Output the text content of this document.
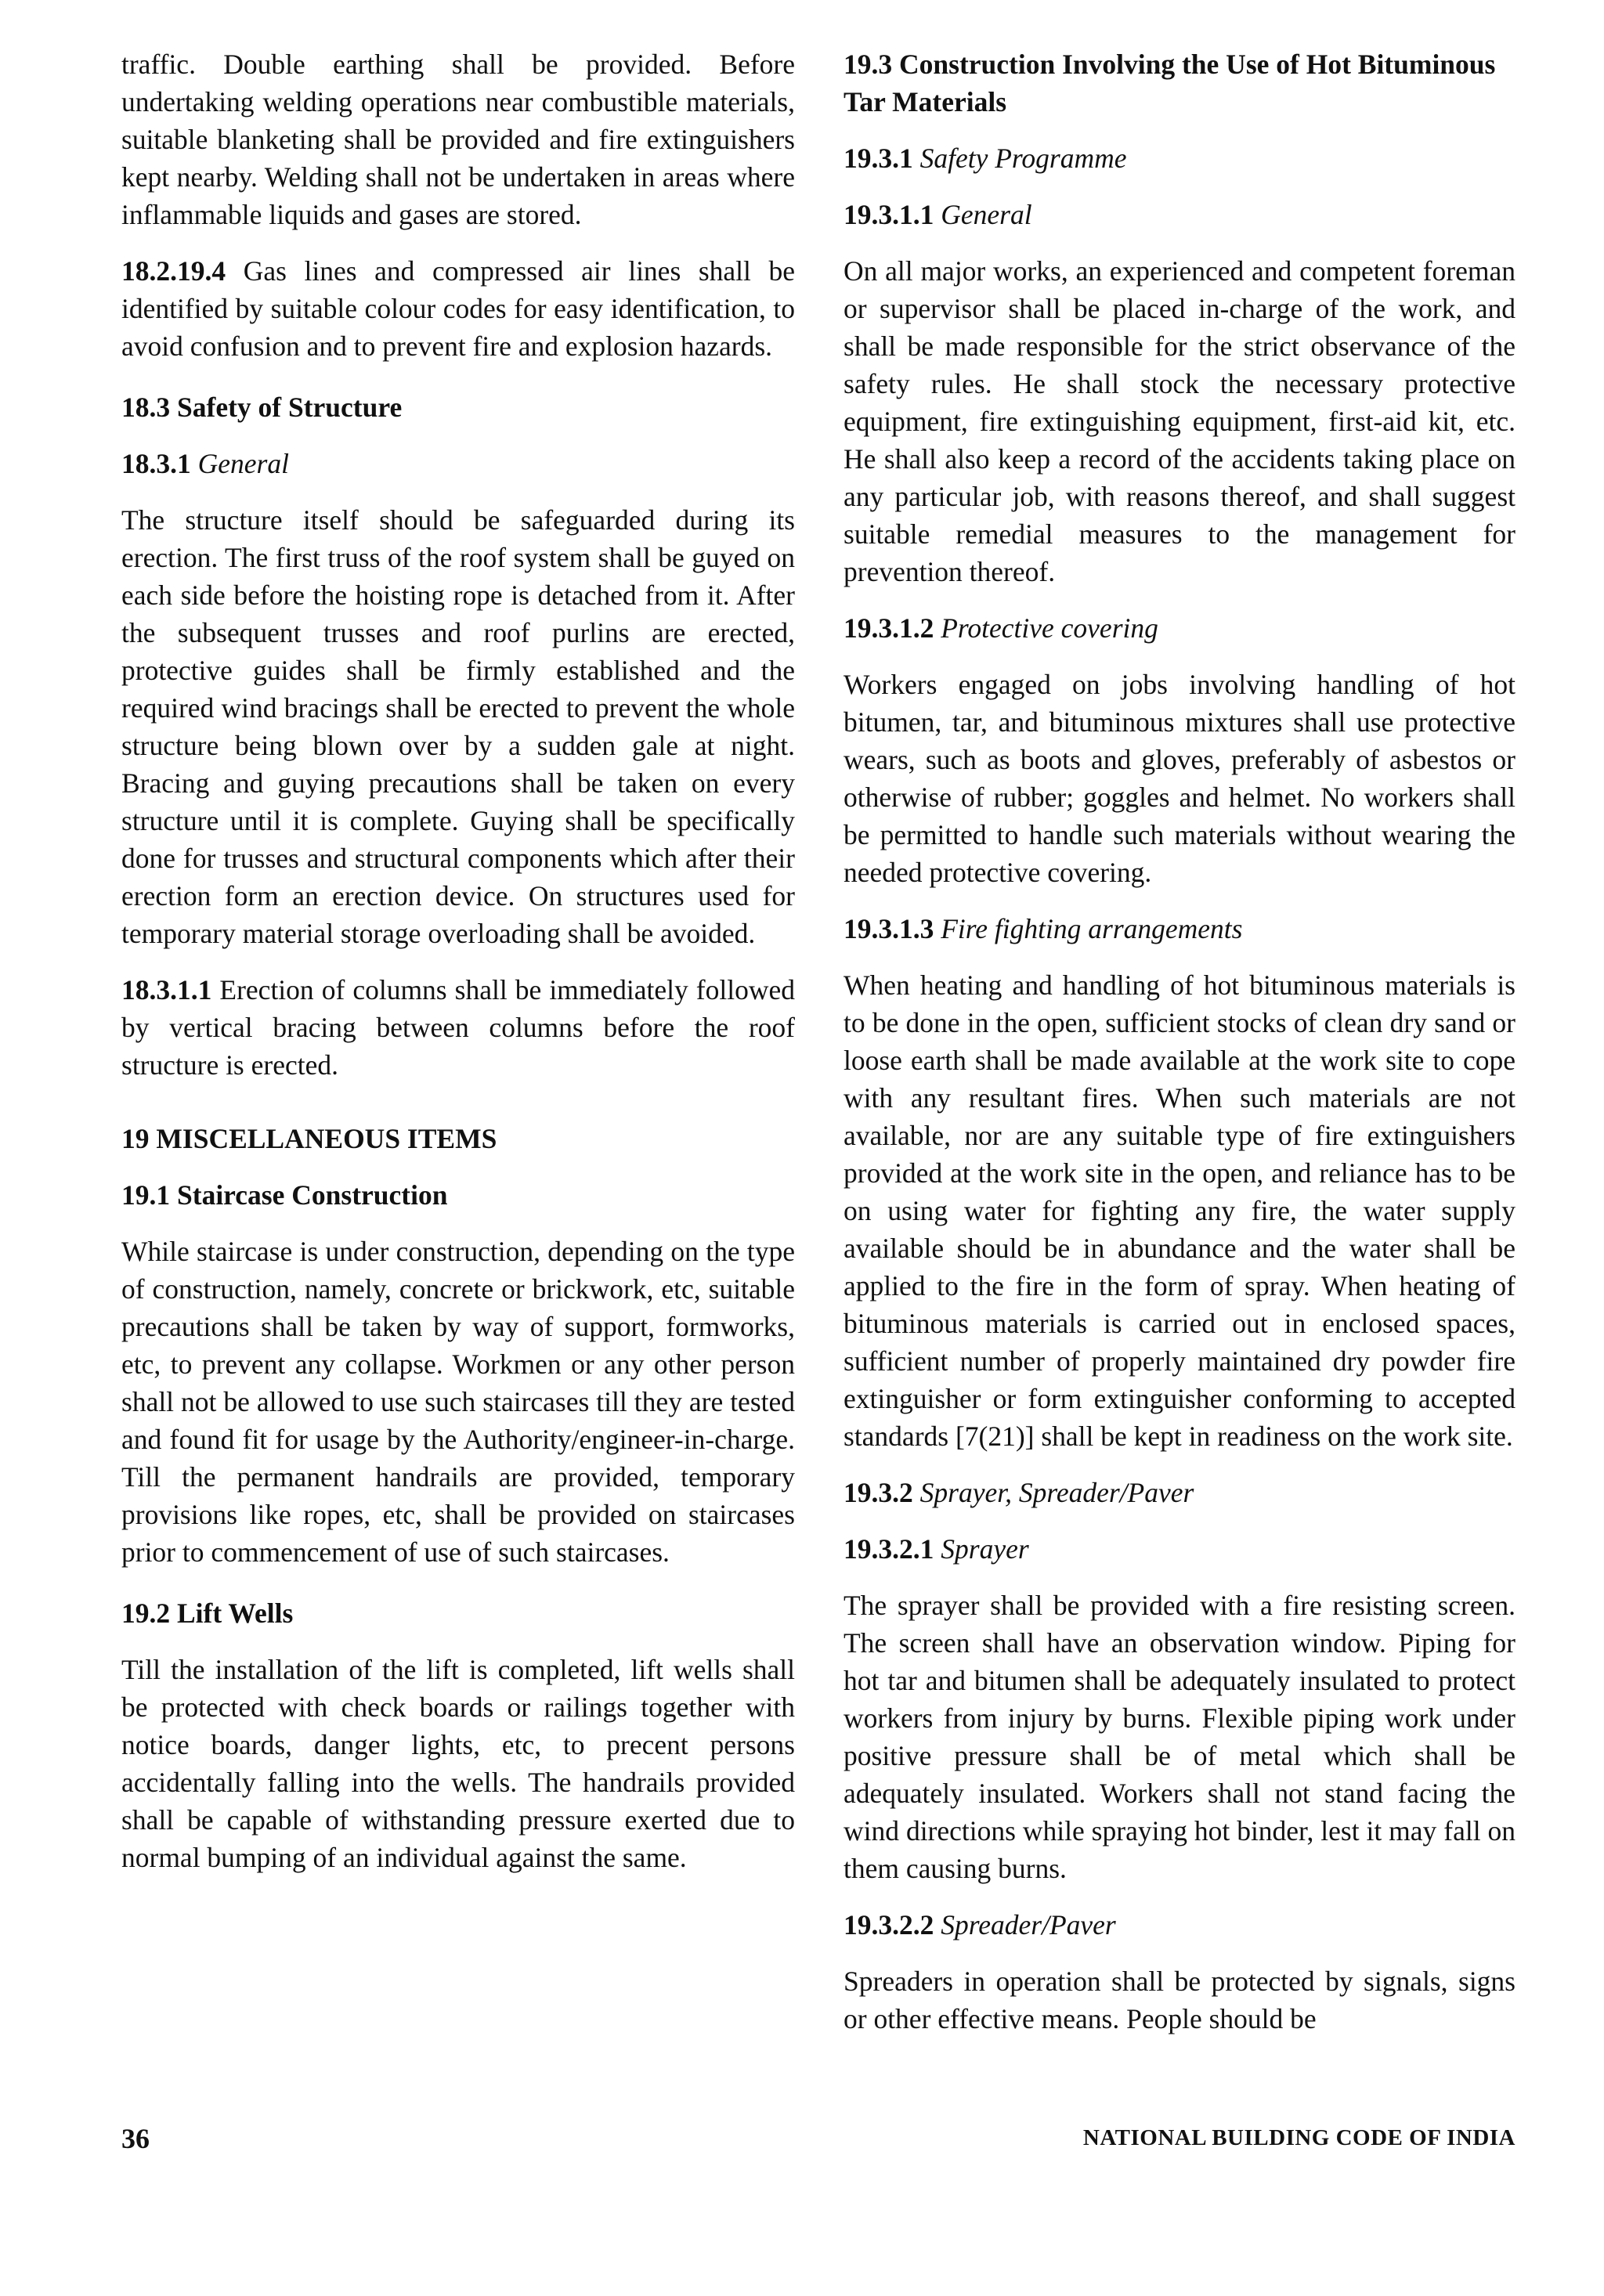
traffic. Double earthing shall be provided. Before undertaking welding operations near combustible materials, suitable blanketing shall be provided and fire extinguishers kept nearby. Welding shall not be undertaken in areas where inflammable liquids and gases are stored.

18.2.19.4 Gas lines and compressed air lines shall be identified by suitable colour codes for easy identification, to avoid confusion and to prevent fire and explosion hazards.

18.3 Safety of Structure

18.3.1 General

The structure itself should be safeguarded during its erection. The first truss of the roof system shall be guyed on each side before the hoisting rope is detached from it. After the subsequent trusses and roof purlins are erected, protective guides shall be firmly established and the required wind bracings shall be erected to prevent the whole structure being blown over by a sudden gale at night. Bracing and guying precautions shall be taken on every structure until it is complete. Guying shall be specifically done for trusses and structural components which after their erection form an erection device. On structures used for temporary material storage overloading shall be avoided.

18.3.1.1 Erection of columns shall be immediately followed by vertical bracing between columns before the roof structure is erected.

19 MISCELLANEOUS ITEMS

19.1 Staircase Construction

While staircase is under construction, depending on the type of construction, namely, concrete or brickwork, etc, suitable precautions shall be taken by way of support, formworks, etc, to prevent any collapse. Workmen or any other person shall not be allowed to use such staircases till they are tested and found fit for usage by the Authority/engineer-in-charge. Till the permanent handrails are provided, temporary provisions like ropes, etc, shall be provided on staircases prior to commencement of use of such staircases.

19.2 Lift Wells

Till the installation of the lift is completed, lift wells shall be protected with check boards or railings together with notice boards, danger lights, etc, to precent persons accidentally falling into the wells. The handrails provided shall be capable of withstanding pressure exerted due to normal bumping of an individual against the same.

19.3 Construction Involving the Use of Hot Bituminous Tar Materials

19.3.1 Safety Programme

19.3.1.1 General

On all major works, an experienced and competent foreman or supervisor shall be placed in-charge of the work, and shall be made responsible for the strict observance of the safety rules. He shall stock the necessary protective equipment, fire extinguishing equipment, first-aid kit, etc. He shall also keep a record of the accidents taking place on any particular job, with reasons thereof, and shall suggest suitable remedial measures to the management for prevention thereof.

19.3.1.2 Protective covering

Workers engaged on jobs involving handling of hot bitumen, tar, and bituminous mixtures shall use protective wears, such as boots and gloves, preferably of asbestos or otherwise of rubber; goggles and helmet. No workers shall be permitted to handle such materials without wearing the needed protective covering.

19.3.1.3 Fire fighting arrangements

When heating and handling of hot bituminous materials is to be done in the open, sufficient stocks of clean dry sand or loose earth shall be made available at the work site to cope with any resultant fires. When such materials are not available, nor are any suitable type of fire extinguishers provided at the work site in the open, and reliance has to be on using water for fighting any fire, the water supply available should be in abundance and the water shall be applied to the fire in the form of spray. When heating of bituminous materials is carried out in enclosed spaces, sufficient number of properly maintained dry powder fire extinguisher or form extinguisher conforming to accepted standards [7(21)] shall be kept in readiness on the work site.

19.3.2 Sprayer, Spreader/Paver

19.3.2.1 Sprayer

The sprayer shall be provided with a fire resisting screen. The screen shall have an observation window. Piping for hot tar and bitumen shall be adequately insulated to protect workers from injury by burns. Flexible piping work under positive pressure shall be of metal which shall be adequately insulated. Workers shall not stand facing the wind directions while spraying hot binder, lest it may fall on them causing burns.

19.3.2.2 Spreader/Paver

Spreaders in operation shall be protected by signals, signs or other effective means. People should be

36	NATIONAL BUILDING CODE OF INDIA
